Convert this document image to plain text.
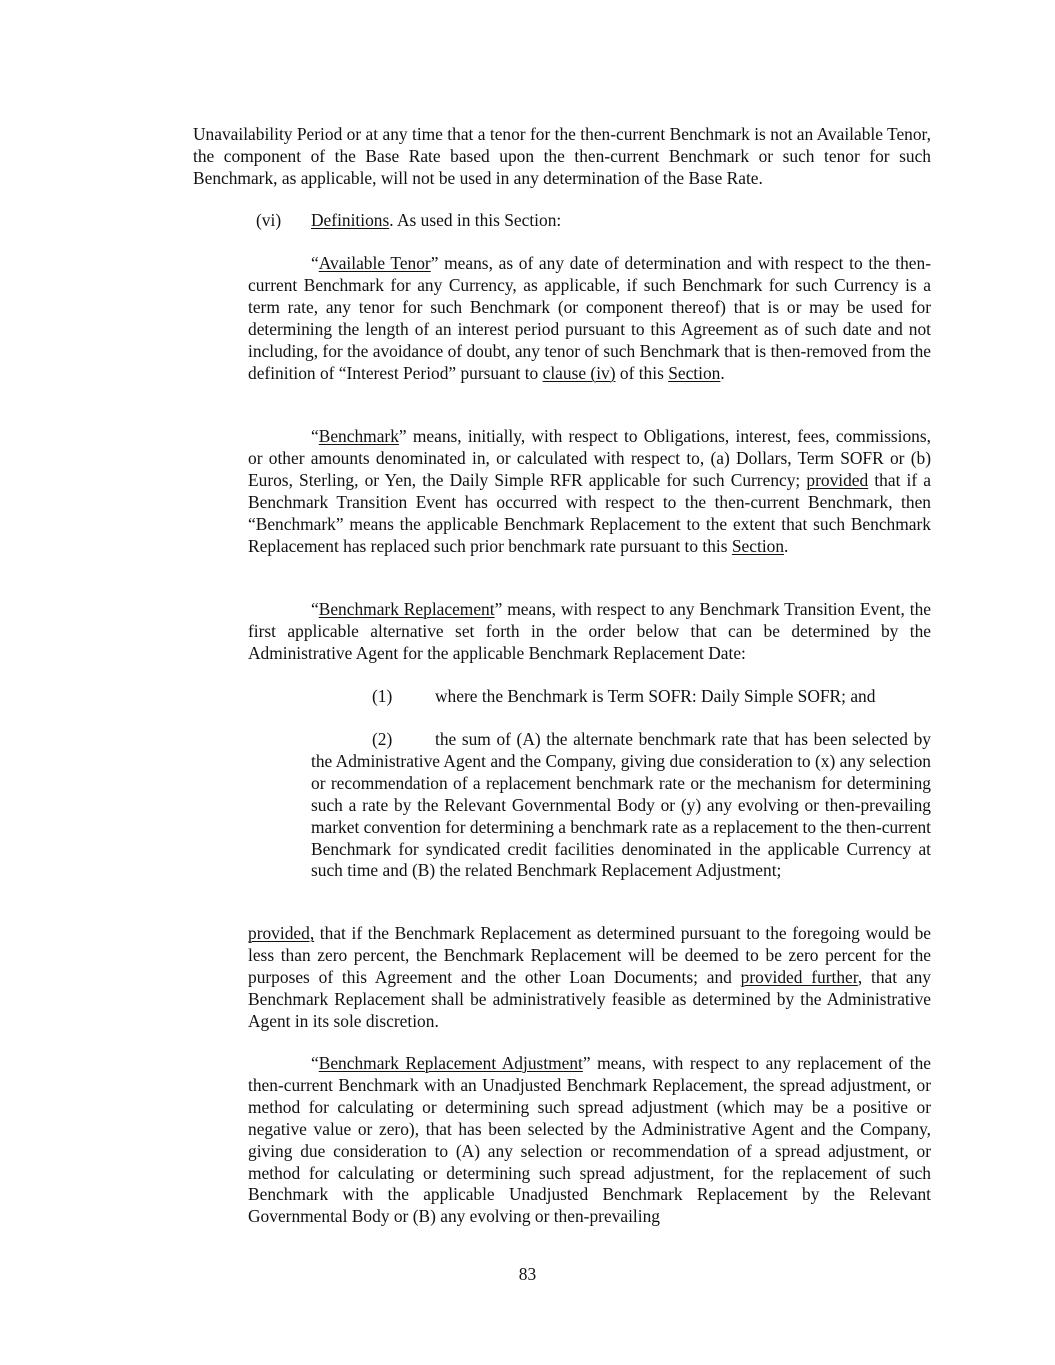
Unavailability Period or at any time that a tenor for the then-current Benchmark is not an Available Tenor, the component of the Base Rate based upon the then-current Benchmark or such tenor for such Benchmark, as applicable, will not be used in any determination of the Base Rate.

(vi) Definitions. As used in this Section:

“Available Tenor” means, as of any date of determination and with respect to the then-current Benchmark for any Currency, as applicable, if such Benchmark for such Currency is a term rate, any tenor for such Benchmark (or component thereof) that is or may be used for determining the length of an interest period pursuant to this Agreement as of such date and not including, for the avoidance of doubt, any tenor of such Benchmark that is then-removed from the definition of “Interest Period” pursuant to clause (iv) of this Section.

“Benchmark” means, initially, with respect to Obligations, interest, fees, commissions, or other amounts denominated in, or calculated with respect to, (a) Dollars, Term SOFR or (b) Euros, Sterling, or Yen, the Daily Simple RFR applicable for such Currency; provided that if a Benchmark Transition Event has occurred with respect to the then-current Benchmark, then “Benchmark” means the applicable Benchmark Replacement to the extent that such Benchmark Replacement has replaced such prior benchmark rate pursuant to this Section.

“Benchmark Replacement” means, with respect to any Benchmark Transition Event, the first applicable alternative set forth in the order below that can be determined by the Administrative Agent for the applicable Benchmark Replacement Date:

(1) where the Benchmark is Term SOFR: Daily Simple SOFR; and

(2) the sum of (A) the alternate benchmark rate that has been selected by the Administrative Agent and the Company, giving due consideration to (x) any selection or recommendation of a replacement benchmark rate or the mechanism for determining such a rate by the Relevant Governmental Body or (y) any evolving or then-prevailing market convention for determining a benchmark rate as a replacement to the then-current Benchmark for syndicated credit facilities denominated in the applicable Currency at such time and (B) the related Benchmark Replacement Adjustment;

provided, that if the Benchmark Replacement as determined pursuant to the foregoing would be less than zero percent, the Benchmark Replacement will be deemed to be zero percent for the purposes of this Agreement and the other Loan Documents; and provided further, that any Benchmark Replacement shall be administratively feasible as determined by the Administrative Agent in its sole discretion.

“Benchmark Replacement Adjustment” means, with respect to any replacement of the then-current Benchmark with an Unadjusted Benchmark Replacement, the spread adjustment, or method for calculating or determining such spread adjustment (which may be a positive or negative value or zero), that has been selected by the Administrative Agent and the Company, giving due consideration to (A) any selection or recommendation of a spread adjustment, or method for calculating or determining such spread adjustment, for the replacement of such Benchmark with the applicable Unadjusted Benchmark Replacement by the Relevant Governmental Body or (B) any evolving or then-prevailing

83
